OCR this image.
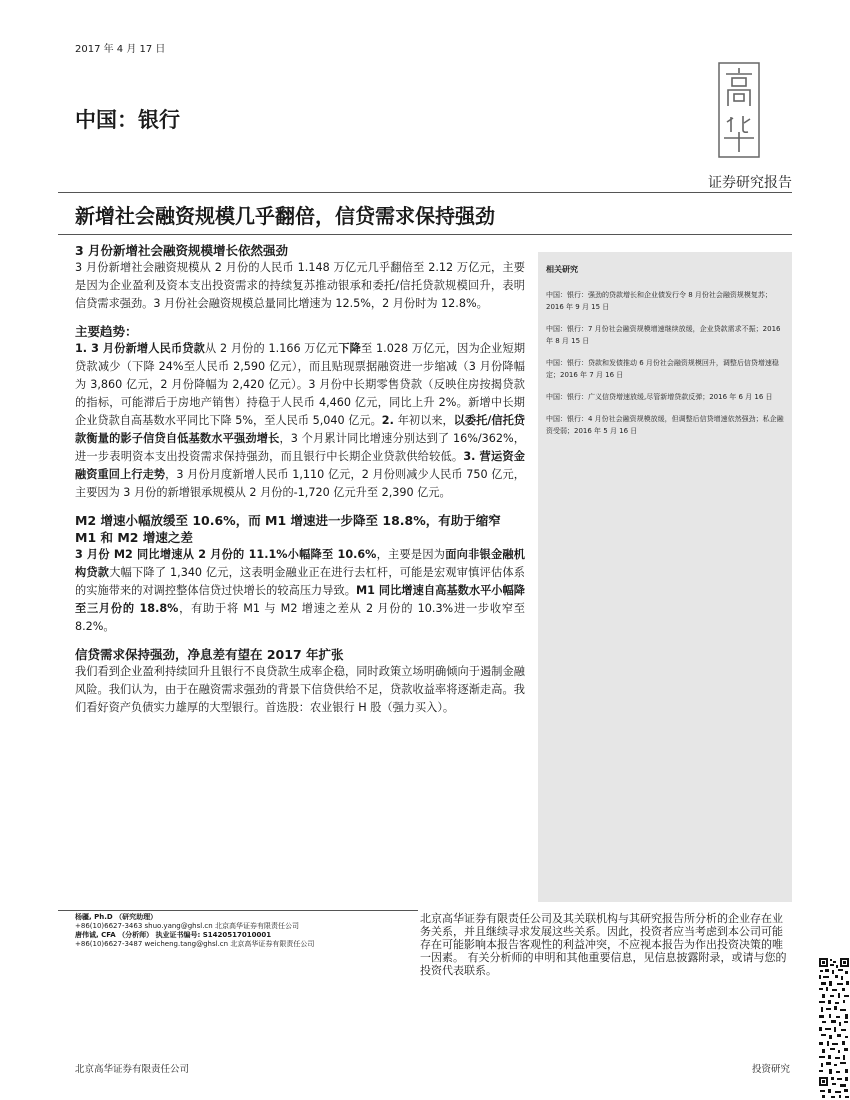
2017 年 4 月 17 日
中国：银行
证券研究报告
新增社会融资规模几乎翻倍，信贷需求保持强劲
3 月份新增社会融资规模增长依然强劲

3 月份新增社会融资规模从 2 月份的人民币 1.148 万亿元几乎翻倍至 2.12 万亿元，主要是因为企业盈利及资本支出投资需求的持续复苏推动银承和委托/信托贷款规模回升，表明信贷需求强劲。3 月份社会融资规模总量同比增速为 12.5%，2 月份时为 12.8%。

主要趋势：

1. 3 月份新增人民币贷款从 2 月份的 1.166 万亿元下降至 1.028 万亿元，因为企业短期贷款减少（下降 24%至人民币 2,590 亿元），而且贴现票据融资进一步缩减（3 月份降幅为 3,860 亿元，2 月份降幅为 2,420 亿元）。3 月份中长期零售贷款（反映住房按揭贷款的指标，可能滞后于房地产销售）持稳于人民币 4,460 亿元，同比上升 2%。新增中长期企业贷款自高基数水平同比下降 5%，至人民币 5,040 亿元。2. 年初以来，以委托/信托贷款衡量的影子信贷自低基数水平强劲增长，3 个月累计同比增速分别达到了 16%/362%，进一步表明资本支出投资需求保持强劲，而且银行中长期企业贷款供给较低。3. 营运资金融资重回上行走势，3 月份月度新增人民币 1,110 亿元，2 月份则减少人民币 750 亿元，主要因为 3 月份的新增银承规模从 2 月份的-1,720 亿元升至 2,390 亿元。

M2 增速小幅放缓至 10.6%，而 M1 增速进一步降至 18.8%，有助于缩窄 M1 和 M2 增速之差

3 月份 M2 同比增速从 2 月份的 11.1%小幅降至 10.6%，主要是因为面向非银金融机构贷款大幅下降了 1,340 亿元，这表明金融业正在进行去杠杆，可能是宏观审慎评估体系的实施带来的对调控整体信贷过快增长的较高压力导致。M1 同比增速自高基数水平小幅降至三月份的 18.8%，有助于将 M1 与 M2 增速之差从 2 月份的 10.3%进一步收窄至 8.2%。

信贷需求保持强劲，净息差有望在 2017 年扩张

我们看到企业盈利持续回升且银行不良贷款生成率企稳，同时政策立场明确倾向于遏制金融风险。我们认为，由于在融资需求强劲的背景下信贷供给不足，贷款收益率将逐渐走高。我们看好资产负债实力雄厚的大型银行。首选股：农业银行 H 股（强力买入）。

相关研究
中国：银行：强劲的贷款增长和企业债发行令 8 月份社会融资规模复苏；2016 年 9 月 15 日
中国：银行：7 月份社会融资规模增速继续放缓，企业贷款需求不振；2016 年 8 月 15 日
中国：银行：贷款和发债推动 6 月份社会融资规模回升，调整后信贷增速稳定；2016 年 7 月 16 日
中国：银行：广义信贷增速放缓,尽管新增贷款反弹；2016 年 6 月 16 日
中国：银行：4 月份社会融资规模放缓，但调整后信贷增速依然强劲；私企融资受弱；2016 年 5 月 16 日
杨疆, Ph.D （研究助理）
+86(10)6627-3463 shuo.yang@ghsl.cn 北京高华证券有限责任公司
唐伟诚, CFA （分析师） 执业证书编号: S1420517010001
+86(10)6627-3487 weicheng.tang@ghsl.cn 北京高华证券有限责任公司
北京高华证券有限责任公司及其关联机构与其研究报告所分析的企业存在业务关系，并且继续寻求发展这些关系。因此，投资者应当考虑到本公司可能存在可能影响本报告客观性的利益冲突，不应视本报告为作出投资决策的唯一因素。 有关分析师的申明和其他重要信息，见信息披露附录，或请与您的投资代表联系。
北京高华证券有限责任公司	投资研究
